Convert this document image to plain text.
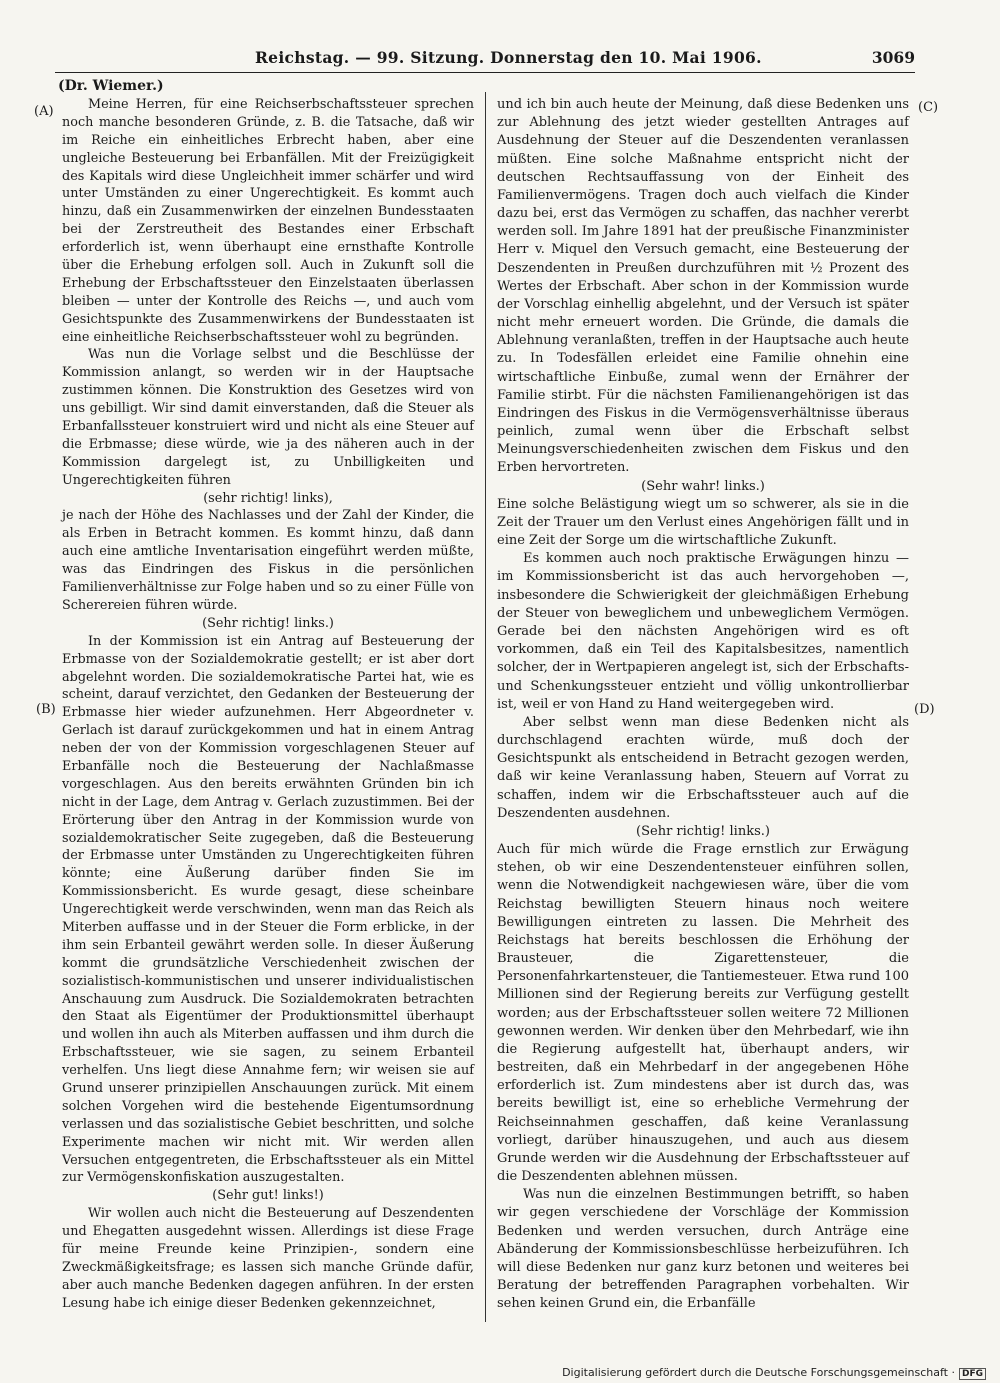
Reichstag. — 99. Sitzung. Donnerstag den 10. Mai 1906.	3069
(Dr. Wiemer.)
(A)
(B)
(C)
(D)

Meine Herren, für eine Reichserbschaftssteuer sprechen noch manche besonderen Gründe, z. B. die Tatsache, daß wir im Reiche ein einheitliches Erbrecht haben, aber eine ungleiche Besteuerung bei Erbanfällen. Mit der Freizügigkeit des Kapitals wird diese Ungleichheit immer schärfer und wird unter Umständen zu einer Ungerechtigkeit. Es kommt auch hinzu, daß ein Zusammenwirken der einzelnen Bundesstaaten bei der Zerstreutheit des Bestandes einer Erbschaft erforderlich ist, wenn überhaupt eine ernsthafte Kontrolle über die Erhebung erfolgen soll. Auch in Zukunft soll die Erhebung der Erbschaftssteuer den Einzelstaaten überlassen bleiben — unter der Kontrolle des Reichs —, und auch vom Gesichtspunkte des Zusammenwirkens der Bundesstaaten ist eine einheitliche Reichserbschaftssteuer wohl zu begründen.

Was nun die Vorlage selbst und die Beschlüsse der Kommission anlangt, so werden wir in der Hauptsache zustimmen können. Die Konstruktion des Gesetzes wird von uns gebilligt. Wir sind damit einverstanden, daß die Steuer als Erbanfallssteuer konstruiert wird und nicht als eine Steuer auf die Erbmasse; diese würde, wie ja des näheren auch in der Kommission dargelegt ist, zu Unbilligkeiten und Ungerechtigkeiten führen

(sehr richtig! links),

je nach der Höhe des Nachlasses und der Zahl der Kinder, die als Erben in Betracht kommen. Es kommt hinzu, daß dann auch eine amtliche Inventarisation eingeführt werden müßte, was das Eindringen des Fiskus in die persönlichen Familienverhältnisse zur Folge haben und so zu einer Fülle von Scherereien führen würde.

(Sehr richtig! links.)

In der Kommission ist ein Antrag auf Besteuerung der Erbmasse von der Sozialdemokratie gestellt; er ist aber dort abgelehnt worden. Die sozialdemokratische Partei hat, wie es scheint, darauf verzichtet, den Gedanken der Besteuerung der Erbmasse hier wieder aufzunehmen. Herr Abgeordneter v. Gerlach ist darauf zurückgekommen und hat in einem Antrag neben der von der Kommission vorgeschlagenen Steuer auf Erbanfälle noch die Besteuerung der Nachlaßmasse vorgeschlagen. Aus den bereits erwähnten Gründen bin ich nicht in der Lage, dem Antrag v. Gerlach zuzustimmen. Bei der Erörterung über den Antrag in der Kommission wurde von sozialdemokratischer Seite zugegeben, daß die Besteuerung der Erbmasse unter Umständen zu Ungerechtigkeiten führen könnte; eine Äußerung darüber finden Sie im Kommissionsbericht. Es wurde gesagt, diese scheinbare Ungerechtigkeit werde verschwinden, wenn man das Reich als Miterben auffasse und in der Steuer die Form erblicke, in der ihm sein Erbanteil gewährt werden solle. In dieser Äußerung kommt die grundsätzliche Verschiedenheit zwischen der sozialistisch-kommunistischen und unserer individualistischen Anschauung zum Ausdruck. Die Sozialdemokraten betrachten den Staat als Eigentümer der Produktionsmittel überhaupt und wollen ihn auch als Miterben auffassen und ihm durch die Erbschaftssteuer, wie sie sagen, zu seinem Erbanteil verhelfen. Uns liegt diese Annahme fern; wir weisen sie auf Grund unserer prinzipiellen Anschauungen zurück. Mit einem solchen Vorgehen wird die bestehende Eigentumsordnung verlassen und das sozialistische Gebiet beschritten, und solche Experimente machen wir nicht mit. Wir werden allen Versuchen entgegentreten, die Erbschaftssteuer als ein Mittel zur Vermögenskonfiskation auszugestalten.

(Sehr gut! links!)

Wir wollen auch nicht die Besteuerung auf Deszendenten und Ehegatten ausgedehnt wissen. Allerdings ist diese Frage für meine Freunde keine Prinzipien-, sondern eine Zweckmäßigkeitsfrage; es lassen sich manche Gründe dafür, aber auch manche Bedenken dagegen anführen. In der ersten Lesung habe ich einige dieser Bedenken gekennzeichnet,

und ich bin auch heute der Meinung, daß diese Bedenken uns zur Ablehnung des jetzt wieder gestellten Antrages auf Ausdehnung der Steuer auf die Deszendenten veranlassen müßten. Eine solche Maßnahme entspricht nicht der deutschen Rechtsauffassung von der Einheit des Familienvermögens. Tragen doch auch vielfach die Kinder dazu bei, erst das Vermögen zu schaffen, das nachher vererbt werden soll. Im Jahre 1891 hat der preußische Finanzminister Herr v. Miquel den Versuch gemacht, eine Besteuerung der Deszendenten in Preußen durchzuführen mit ½ Prozent des Wertes der Erbschaft. Aber schon in der Kommission wurde der Vorschlag einhellig abgelehnt, und der Versuch ist später nicht mehr erneuert worden. Die Gründe, die damals die Ablehnung veranlaßten, treffen in der Hauptsache auch heute zu. In Todesfällen erleidet eine Familie ohnehin eine wirtschaftliche Einbuße, zumal wenn der Ernährer der Familie stirbt. Für die nächsten Familienangehörigen ist das Eindringen des Fiskus in die Vermögensverhältnisse überaus peinlich, zumal wenn über die Erbschaft selbst Meinungsverschiedenheiten zwischen dem Fiskus und den Erben hervortreten.

(Sehr wahr! links.)

Eine solche Belästigung wiegt um so schwerer, als sie in die Zeit der Trauer um den Verlust eines Angehörigen fällt und in eine Zeit der Sorge um die wirtschaftliche Zukunft.

Es kommen auch noch praktische Erwägungen hinzu — im Kommissionsbericht ist das auch hervorgehoben —, insbesondere die Schwierigkeit der gleichmäßigen Erhebung der Steuer von beweglichem und unbeweglichem Vermögen. Gerade bei den nächsten Angehörigen wird es oft vorkommen, daß ein Teil des Kapitalsbesitzes, namentlich solcher, der in Wertpapieren angelegt ist, sich der Erbschafts- und Schenkungssteuer entzieht und völlig unkontrollierbar ist, weil er von Hand zu Hand weitergegeben wird.

Aber selbst wenn man diese Bedenken nicht als durchschlagend erachten würde, muß doch der Gesichtspunkt als entscheidend in Betracht gezogen werden, daß wir keine Veranlassung haben, Steuern auf Vorrat zu schaffen, indem wir die Erbschaftssteuer auch auf die Deszendenten ausdehnen.

(Sehr richtig! links.)

Auch für mich würde die Frage ernstlich zur Erwägung stehen, ob wir eine Deszendentensteuer einführen sollen, wenn die Notwendigkeit nachgewiesen wäre, über die vom Reichstag bewilligten Steuern hinaus noch weitere Bewilligungen eintreten zu lassen. Die Mehrheit des Reichstags hat bereits beschlossen die Erhöhung der Brausteuer, die Zigarettensteuer, die Personenfahrkartensteuer, die Tantiemesteuer. Etwa rund 100 Millionen sind der Regierung bereits zur Verfügung gestellt worden; aus der Erbschaftssteuer sollen weitere 72 Millionen gewonnen werden. Wir denken über den Mehrbedarf, wie ihn die Regierung aufgestellt hat, überhaupt anders, wir bestreiten, daß ein Mehrbedarf in der angegebenen Höhe erforderlich ist. Zum mindestens aber ist durch das, was bereits bewilligt ist, eine so erhebliche Vermehrung der Reichseinnahmen geschaffen, daß keine Veranlassung vorliegt, darüber hinauszugehen, und auch aus diesem Grunde werden wir die Ausdehnung der Erbschaftssteuer auf die Deszendenten ablehnen müssen.

Was nun die einzelnen Bestimmungen betrifft, so haben wir gegen verschiedene der Vorschläge der Kommission Bedenken und werden versuchen, durch Anträge eine Abänderung der Kommissionsbeschlüsse herbeizuführen. Ich will diese Bedenken nur ganz kurz betonen und weiteres bei Beratung der betreffenden Paragraphen vorbehalten. Wir sehen keinen Grund ein, die Erbanfälle

Digitalisierung gefördert durch die Deutsche Forschungsgemeinschaft · DFG
